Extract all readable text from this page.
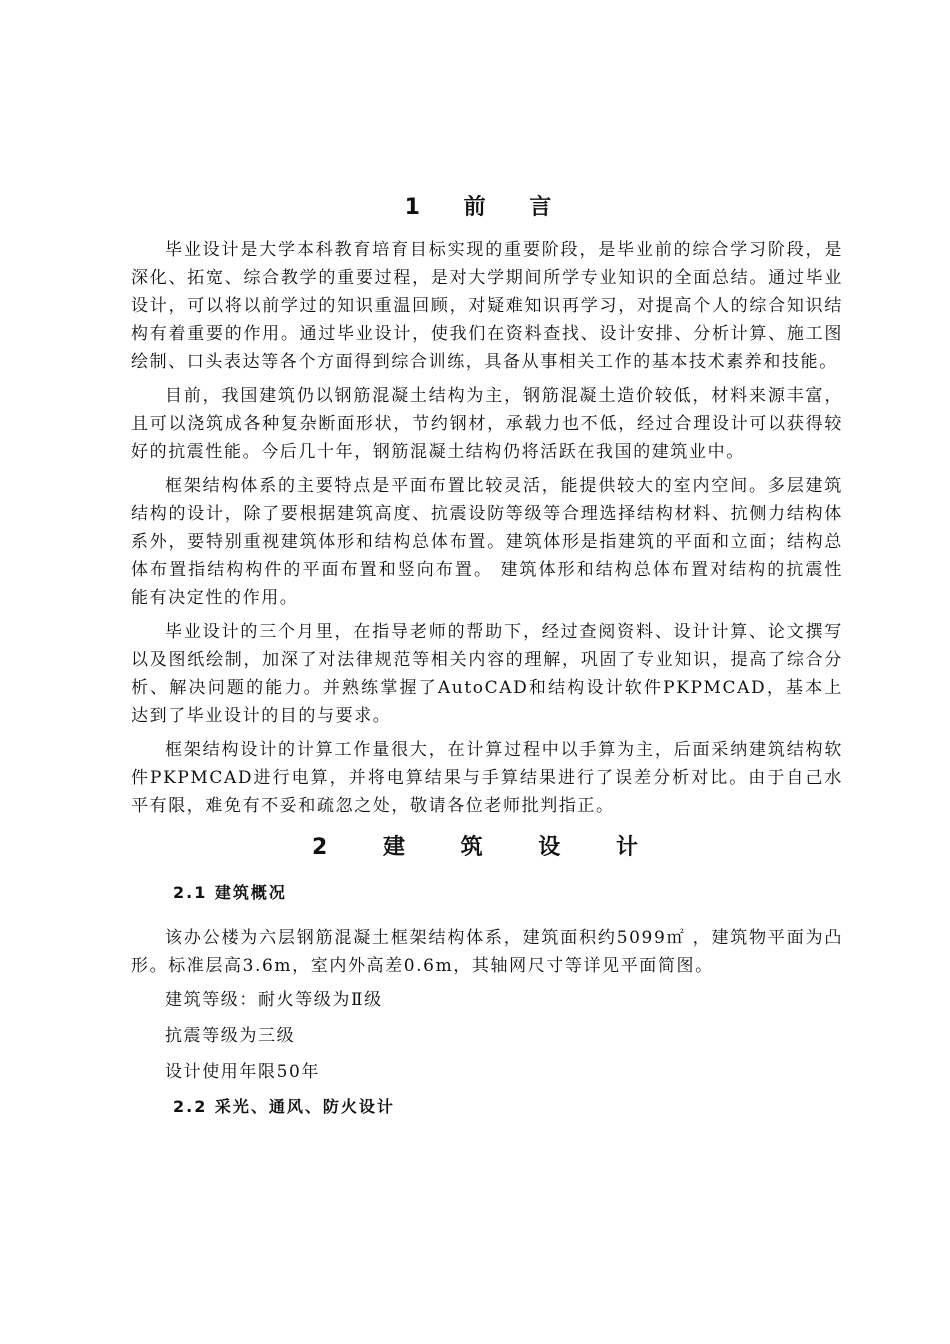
1 前 言

毕业设计是大学本科教育培育目标实现的重要阶段，是毕业前的综合学习阶段，是深化、拓宽、综合教学的重要过程，是对大学期间所学专业知识的全面总结。通过毕业设计，可以将以前学过的知识重温回顾，对疑难知识再学习，对提高个人的综合知识结构有着重要的作用。通过毕业设计，使我们在资料查找、设计安排、分析计算、施工图绘制、口头表达等各个方面得到综合训练，具备从事相关工作的基本技术素养和技能。

目前，我国建筑仍以钢筋混凝土结构为主，钢筋混凝土造价较低，材料来源丰富，且可以浇筑成各种复杂断面形状，节约钢材，承载力也不低，经过合理设计可以获得较好的抗震性能。今后几十年，钢筋混凝土结构仍将活跃在我国的建筑业中。

框架结构体系的主要特点是平面布置比较灵活，能提供较大的室内空间。多层建筑结构的设计，除了要根据建筑高度、抗震设防等级等合理选择结构材料、抗侧力结构体系外，要特别重视建筑体形和结构总体布置。建筑体形是指建筑的平面和立面；结构总体布置指结构构件的平面布置和竖向布置。 建筑体形和结构总体布置对结构的抗震性能有决定性的作用。

毕业设计的三个月里，在指导老师的帮助下，经过查阅资料、设计计算、论文撰写以及图纸绘制，加深了对法律规范等相关内容的理解，巩固了专业知识，提高了综合分析、解决问题的能力。并熟练掌握了AutoCAD和结构设计软件PKPMCAD，基本上达到了毕业设计的目的与要求。

框架结构设计的计算工作量很大，在计算过程中以手算为主，后面采纳建筑结构软件PKPMCAD进行电算，并将电算结果与手算结果进行了误差分析对比。由于自己水平有限，难免有不妥和疏忽之处，敬请各位老师批判指正。

2 建 筑 设 计
2.1 建筑概况

该办公楼为六层钢筋混凝土框架结构体系，建筑面积约5099㎡ ，建筑物平面为凸形。标准层高3.6m，室内外高差0.6m，其轴网尺寸等详见平面简图。

建筑等级：耐火等级为Ⅱ级

抗震等级为三级

设计使用年限50年

2.2 采光、通风、防火设计
